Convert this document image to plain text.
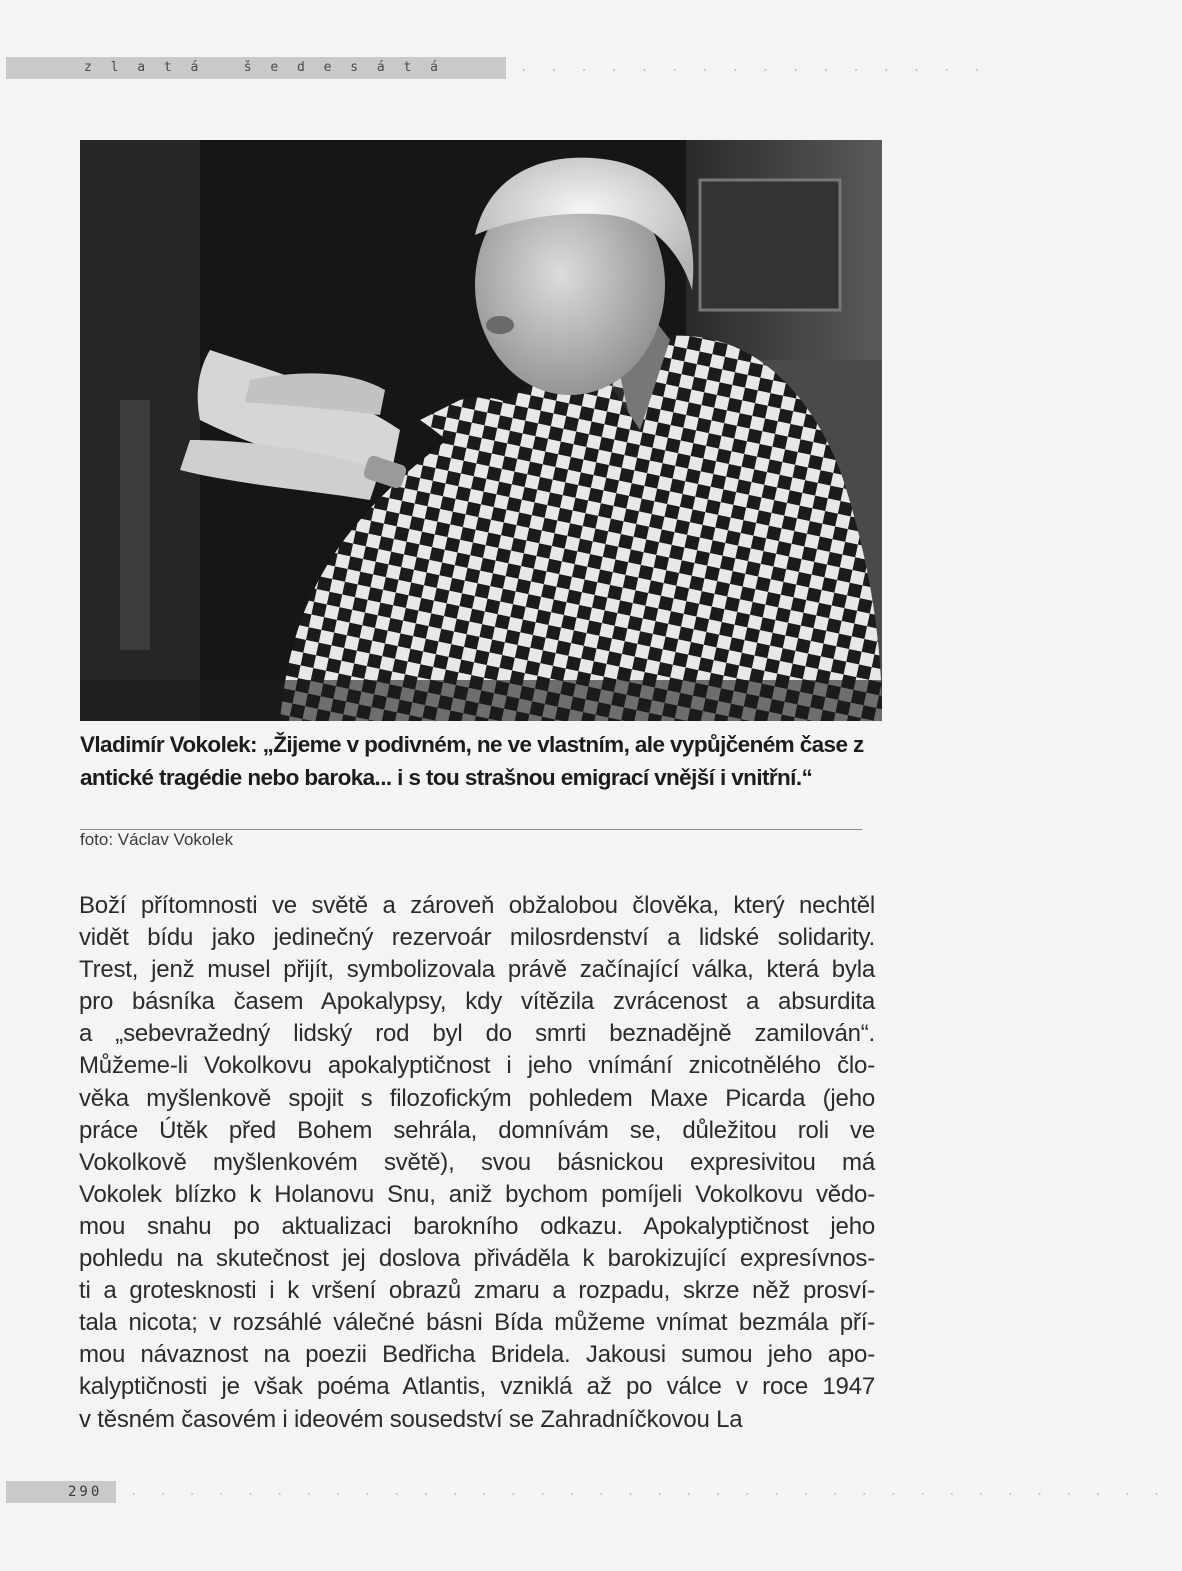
zlatá šedesátá	................
Vladimír Vokolek: „Žijeme v podivném, ne ve vlastním, ale vypůjčeném čase z antické tragédie nebo baroka... i s tou strašnou emigrací vnější i vnitřní.“
foto: Václav Vokolek
Boží přítomnosti ve světě a zároveň obžalobou člověka, který nechtěl
vidět bídu jako jedinečný rezervoár milosrdenství a lidské solidarity.
Trest, jenž musel přijít, symbolizovala právě začínající válka, která byla
pro básníka časem Apokalypsy, kdy vítězila zvrácenost a absurdita
a „sebevražedný lidský rod byl do smrti beznadějně zamilován“.
Můžeme-li Vokolkovu apokalyptičnost i jeho vnímání znicotnělého člo-
věka myšlenkově spojit s filozofickým pohledem Maxe Picarda (jeho
práce Útěk před Bohem sehrála, domnívám se, důležitou roli ve
Vokolkově myšlenkovém světě), svou básnickou expresivitou má
Vokolek blízko k Holanovu Snu, aniž bychom pomíjeli Vokolkovu vědo-
mou snahu po aktualizaci barokního odkazu. Apokalyptičnost jeho
pohledu na skutečnost jej doslova přiváděla k barokizující expresívnos-
ti a grotesknosti i k vršení obrazů zmaru a rozpadu, skrze něž prosví-
tala nicota; v rozsáhlé válečné básni Bída můžeme vnímat bezmála pří-
mou návaznost na poezii Bedřicha Bridela. Jakousi sumou jeho apo-
kalyptičnosti je však poéma Atlantis, vzniklá až po válce v roce 1947
v těsném časovém i ideovém sousedství se Zahradníčkovou La
290 ....................................
